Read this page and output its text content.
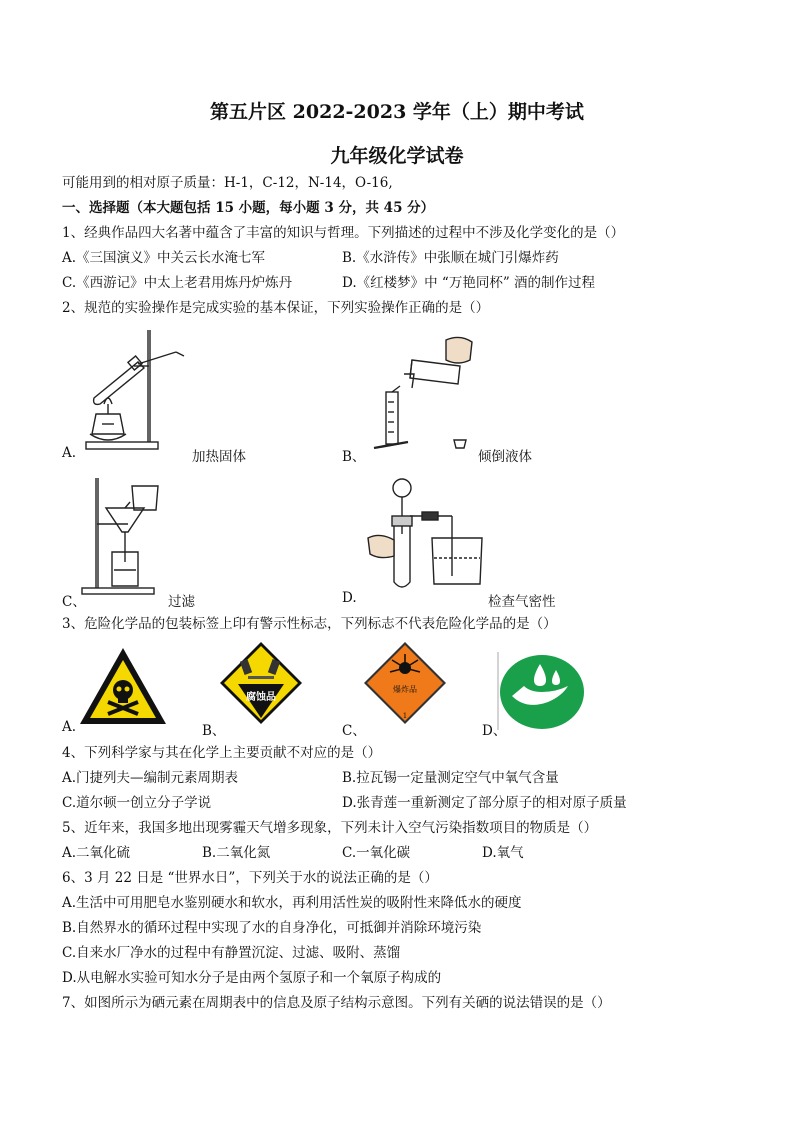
第五片区 2022-2023 学年（上）期中考试
九年级化学试卷
可能用到的相对原子质量：H-1，C-12，N-14，O-16,
一、选择题（本大题包括 15 小题，每小题 3 分，共 45 分）
1、经典作品四大名著中蕴含了丰富的知识与哲理。下列描述的过程中不涉及化学变化的是（）
A.《三国演义》中关云长水淹七军	B.《水浒传》中张顺在城门引爆炸药
C.《西游记》中太上老君用炼丹炉炼丹	D.《红楼梦》中 “万艳同杯” 酒的制作过程
2、规范的实验操作是完成实验的基本保证，下列实验操作正确的是（）
A.	加热固体	B、	倾倒液体
C、	过滤	D.	检查气密性
3、危险化学品的包装标签上印有警示性标志，下列标志不代表危险化学品的是（）
A.
腐蚀品
B、
爆炸品
1
C、	D、
4、下列科学家与其在化学上主要贡献不对应的是（）
A.门捷列夫—编制元素周期表	B.拉瓦锡一定量测定空气中氧气含量
C.道尔顿一创立分子学说	D.张青莲一重新测定了部分原子的相对原子质量
5、近年来，我国多地出现雾霾天气增多现象，下列未计入空气污染指数项目的物质是（）
A.二氧化硫	B.二氧化氮	C.一氧化碳	D.氧气
6、3 月 22 日是 “世界水日”，下列关于水的说法正确的是（）
A.生活中可用肥皂水鉴别硬水和软水，再利用活性炭的吸附性来降低水的硬度
B.自然界水的循环过程中实现了水的自身净化，可抵御并消除环境污染
C.自来水厂净水的过程中有静置沉淀、过滤、吸附、蒸馏
D.从电解水实验可知水分子是由两个氢原子和一个氧原子构成的
7、如图所示为硒元素在周期表中的信息及原子结构示意图。下列有关硒的说法错误的是（）
